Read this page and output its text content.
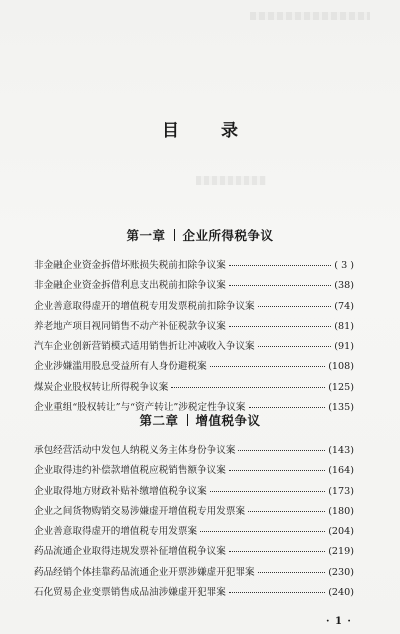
目 录
第一章 企业所得税争议
非金融企业资金拆借坏账损失税前扣除争议案	( 3 )
非金融企业资金拆借利息支出税前扣除争议案	(38)
企业善意取得虚开的增值税专用发票税前扣除争议案	(74)
养老地产项目视同销售不动产补征税款争议案	(81)
汽车企业创新营销模式适用销售折让冲减收入争议案	(91)
企业涉嫌滥用股息受益所有人身份避税案	(108)
煤炭企业股权转让所得税争议案	(125)
企业重组“股权转让”与“资产转让”涉税定性争议案	(135)
第二章 增值税争议
承包经营活动中发包人纳税义务主体身份争议案	(143)
企业取得违约补偿款增值税应税销售额争议案	(164)
企业取得地方财政补贴补缴增值税争议案	(173)
企业之间货物购销交易涉嫌虚开增值税专用发票案	(180)
企业善意取得虚开的增值税专用发票案	(204)
药品流通企业取得违规发票补征增值税争议案	(219)
药品经销个体挂靠药品流通企业开票涉嫌虚开犯罪案	(230)
石化贸易企业变票销售成品油涉嫌虚开犯罪案	(240)
· 1 ·
